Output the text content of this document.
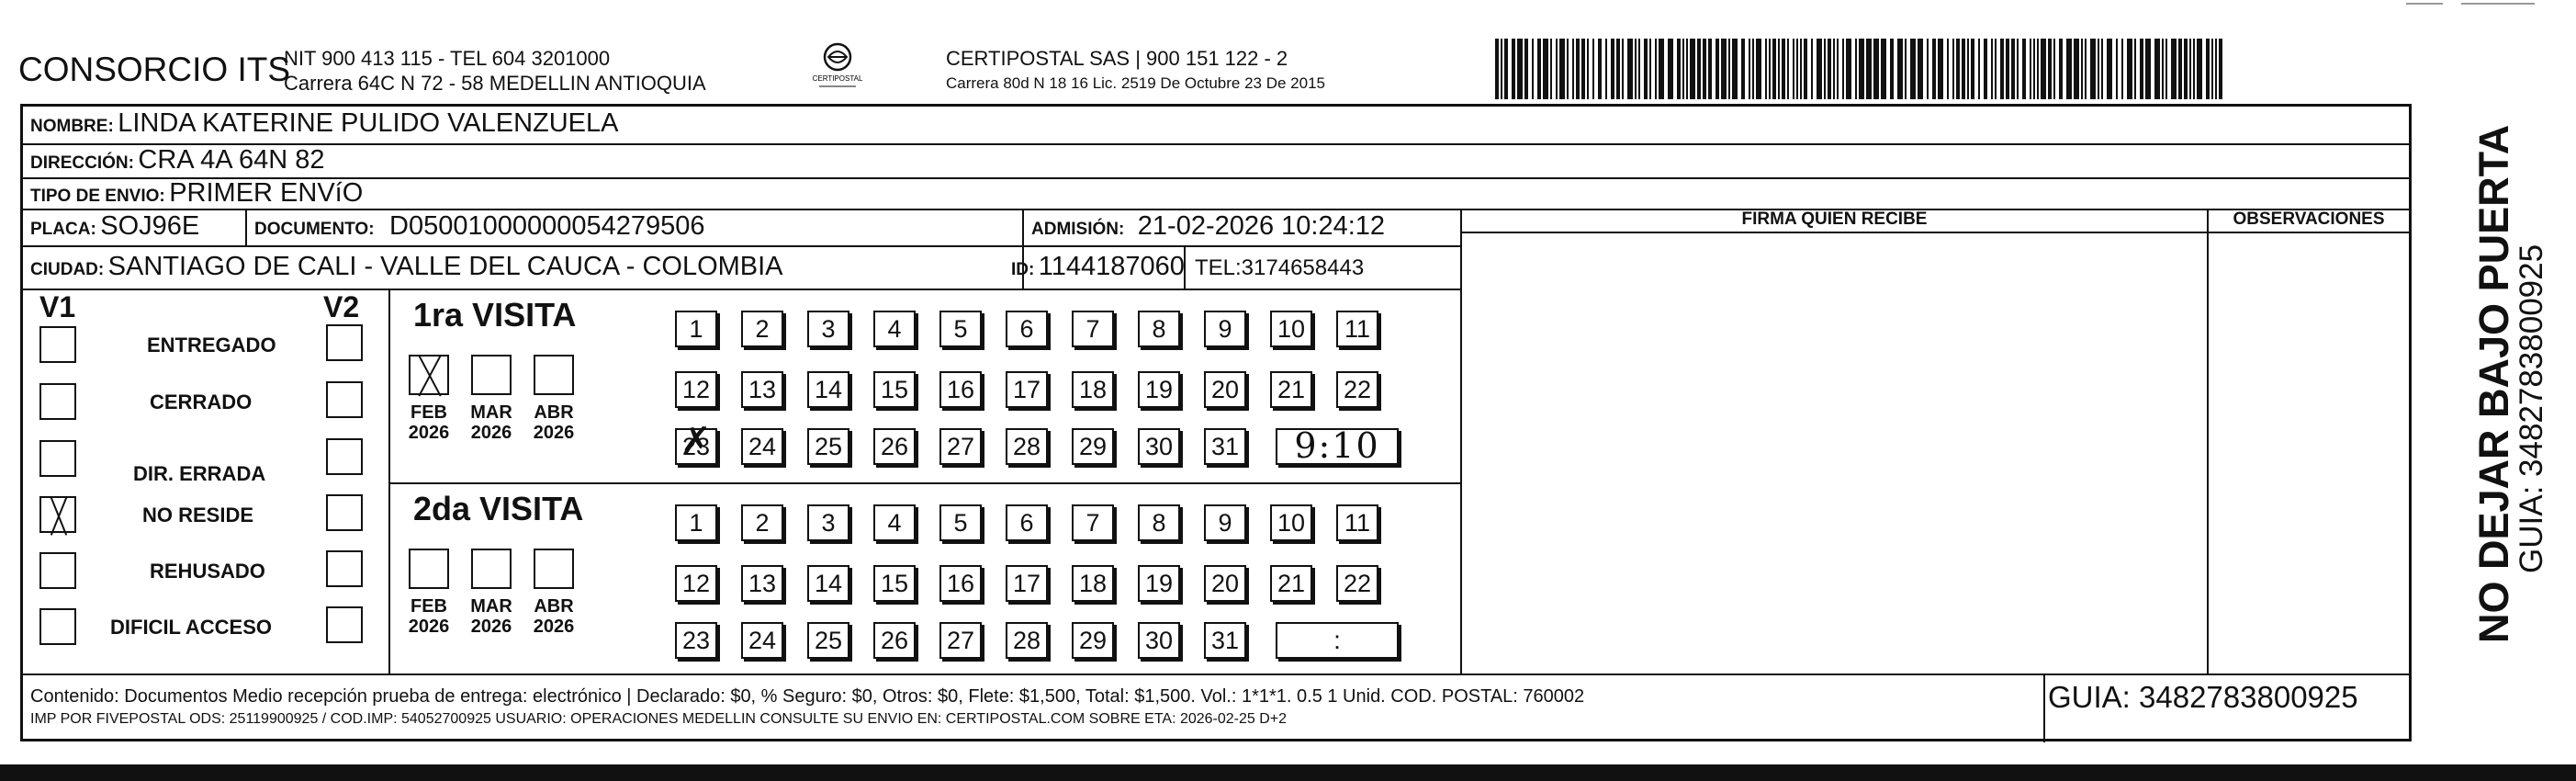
CONSORCIO ITS
NIT 900 413 115 - TEL 604 3201000
Carrera 64C N 72 - 58 MEDELLIN ANTIOQUIA	CERTIPOSTAL
CERTIPOSTAL SAS | 900 151 122 - 2
Carrera 80d N 18 16 Lic. 2519 De Octubre 23 De 2015
NOMBRE: LINDA KATERINE PULIDO VALENZUELA
DIRECCIÓN: CRA 4A 64N 82
TIPO DE ENVIO: PRIMER ENVíO
PLACA: SOJ96E	DOCUMENTO: D05001000000054279506	ADMISIÓN: 21-02-2026 10:24:12
CIUDAD: SANTIAGO DE CALI - VALLE DEL CAUCA - COLOMBIA	ID: 1144187060 TEL:3174658443
FIRMA QUIEN RECIBE	OBSERVACIONES
V1	V2
ENTREGADO
CERRADO
DIR. ERRADA
NO RESIDE
REHUSADO
DIFICIL ACCESO
1ra VISITA
2da VISITA
FEB
2026
MAR
2026
ABR
2026
1	2	3	4	5	6	7	8	9	10	11
12 13 14 15 16 17 18 19 20 21 22
23 ✗ 24 25 26 27 28 29 30 31	9:10
FEB
2026
MAR
2026
ABR
2026
1	2	3	4	5	6	7	8	9	10	11
12 13 14 15 16 17 18 19 20 21 22
23 24 25 26 27 28 29 30 31	:
Contenido: Documentos Medio recepción prueba de entrega: electrónico | Declarado: $0, % Seguro: $0, Otros: $0, Flete: $1,500, Total: $1,500. Vol.: 1*1*1. 0.5 1 Unid. COD. POSTAL: 760002
IMP POR FIVEPOSTAL ODS: 25119900925 / COD.IMP: 54052700925 USUARIO: OPERACIONES MEDELLIN CONSULTE SU ENVIO EN: CERTIPOSTAL.COM SOBRE ETA: 2026-02-25 D+2
GUIA: 3482783800925
NO DEJAR BAJO PUERTA
GUIA: 3482783800925
